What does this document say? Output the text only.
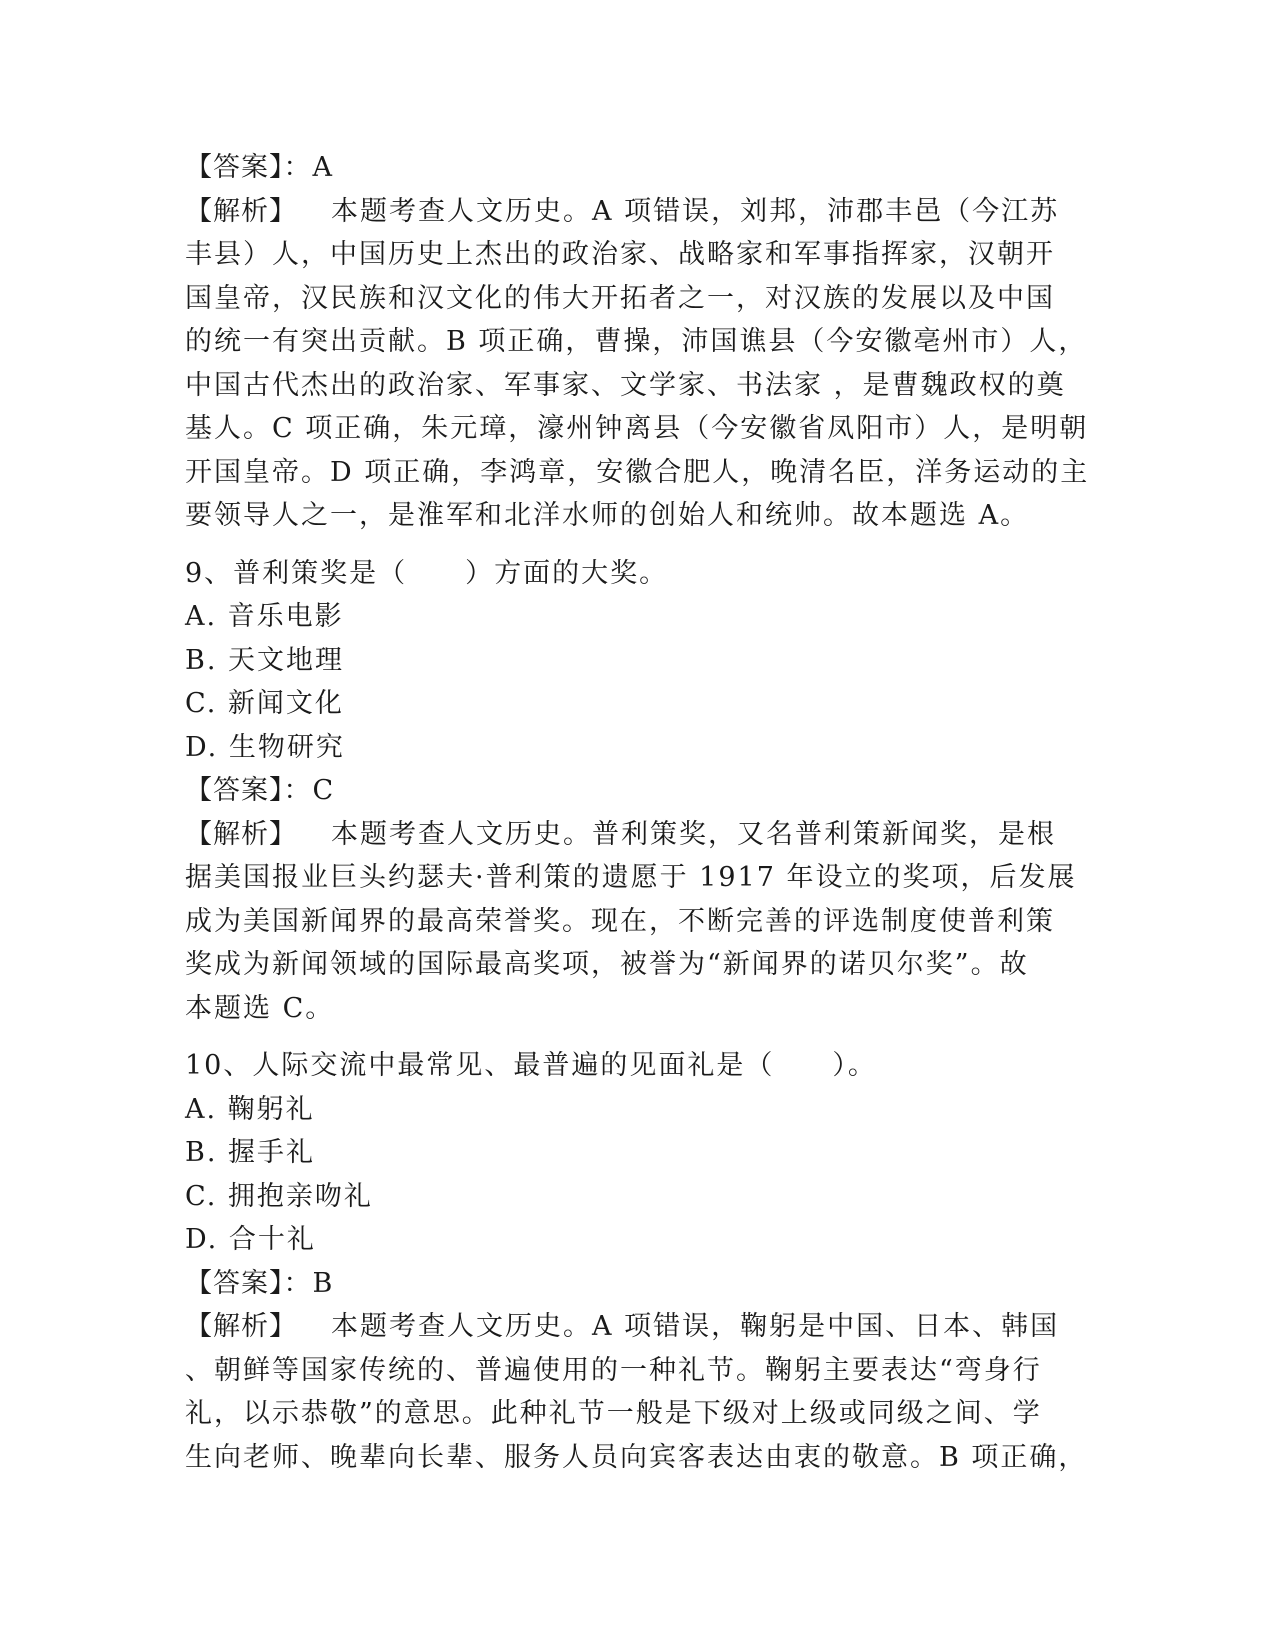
【答案】：A
【解析】 本题考查人文历史。A 项错误，刘邦，沛郡丰邑（今江苏
丰县）人，中国历史上杰出的政治家、战略家和军事指挥家，汉朝开
国皇帝，汉民族和汉文化的伟大开拓者之一，对汉族的发展以及中国
的统一有突出贡献。B 项正确，曹操，沛国谯县（今安徽亳州市）人，
中国古代杰出的政治家、军事家、文学家、书法家 ，是曹魏政权的奠
基人。C 项正确，朱元璋，濠州钟离县（今安徽省凤阳市）人，是明朝
开国皇帝。D 项正确，李鸿章，安徽合肥人，晚清名臣，洋务运动的主
要领导人之一，是淮军和北洋水师的创始人和统帅。故本题选 A。
9、普利策奖是（　　）方面的大奖。
A. 音乐电影
B. 天文地理
C. 新闻文化
D. 生物研究
【答案】：C
【解析】 本题考查人文历史。普利策奖，又名普利策新闻奖，是根
据美国报业巨头约瑟夫·普利策的遗愿于 1917 年设立的奖项，后发展
成为美国新闻界的最高荣誉奖。现在，不断完善的评选制度使普利策
奖成为新闻领域的国际最高奖项，被誉为“新闻界的诺贝尔奖”。故
本题选 C。
10、人际交流中最常见、最普遍的见面礼是（　　）。
A. 鞠躬礼
B. 握手礼
C. 拥抱亲吻礼
D. 合十礼
【答案】：B
【解析】 本题考查人文历史。A 项错误，鞠躬是中国、日本、韩国
、朝鲜等国家传统的、普遍使用的一种礼节。鞠躬主要表达“弯身行
礼，以示恭敬”的意思。此种礼节一般是下级对上级或同级之间、学
生向老师、晚辈向长辈、服务人员向宾客表达由衷的敬意。B 项正确，
